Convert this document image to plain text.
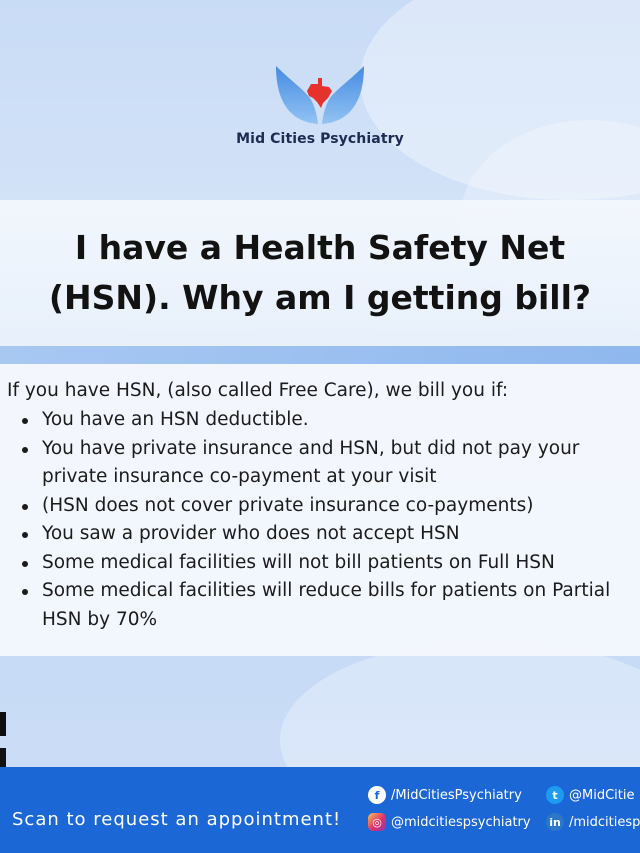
Mid Cities Psychiatry
I have a Health Safety Net (HSN). Why am I getting bill?
If you have HSN, (also called Free Care), we bill you if:
You have an HSN deductible.
You have private insurance and HSN, but did not pay your private insurance co-payment at your visit
(HSN does not cover private insurance co-payments)
You saw a provider who does not accept HSN
Some medical facilities will not bill patients on Full HSN
Some medical facilities will reduce bills for patients on Partial HSN by 70%
Scan to request an appointment!
f /MidCitiesPsychiatry	t @MidCitie
◎ @midcitiespsychiatry in /midcitiesp
